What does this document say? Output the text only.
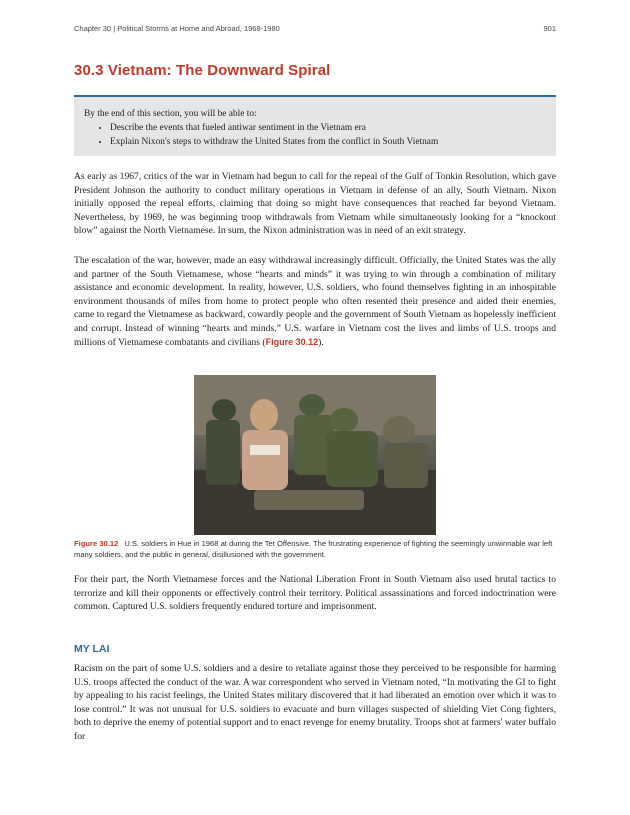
Chapter 30 | Political Storms at Home and Abroad, 1968-1980	901
30.3 Vietnam: The Downward Spiral
By the end of this section, you will be able to:
• Describe the events that fueled antiwar sentiment in the Vietnam era
• Explain Nixon's steps to withdraw the United States from the conflict in South Vietnam

As early as 1967, critics of the war in Vietnam had begun to call for the repeal of the Gulf of Tonkin Resolution, which gave President Johnson the authority to conduct military operations in Vietnam in defense of an ally, South Vietnam. Nixon initially opposed the repeal efforts, claiming that doing so might have consequences that reached far beyond Vietnam. Nevertheless, by 1969, he was beginning troop withdrawals from Vietnam while simultaneously looking for a “knockout blow” against the North Vietnamese. In sum, the Nixon administration was in need of an exit strategy.

The escalation of the war, however, made an easy withdrawal increasingly difficult. Officially, the United States was the ally and partner of the South Vietnamese, whose “hearts and minds” it was trying to win through a combination of military assistance and economic development. In reality, however, U.S. soldiers, who found themselves fighting in an inhospitable environment thousands of miles from home to protect people who often resented their presence and aided their enemies, came to regard the Vietnamese as backward, cowardly people and the government of South Vietnam as hopelessly inefficient and corrupt. Instead of winning “hearts and minds,” U.S. warfare in Vietnam cost the lives and limbs of U.S. troops and millions of Vietnamese combatants and civilians (Figure 30.12).

Figure 30.12 U.S. soldiers in Hue in 1968 at during the Tet Offensive. The frustrating experience of fighting the seemingly unwinnable war left many soldiers, and the public in general, disillusioned with the government.

For their part, the North Vietnamese forces and the National Liberation Front in South Vietnam also used brutal tactics to terrorize and kill their opponents or effectively control their territory. Political assassinations and forced indoctrination were common. Captured U.S. soldiers frequently endured torture and imprisonment.

MY LAI

Racism on the part of some U.S. soldiers and a desire to retaliate against those they perceived to be responsible for harming U.S. troops affected the conduct of the war. A war correspondent who served in Vietnam noted, “In motivating the GI to fight by appealing to his racist feelings, the United States military discovered that it had liberated an emotion over which it was to lose control.” It was not unusual for U.S. soldiers to evacuate and burn villages suspected of shielding Viet Cong fighters, both to deprive the enemy of potential support and to enact revenge for enemy brutality. Troops shot at farmers' water buffalo for
